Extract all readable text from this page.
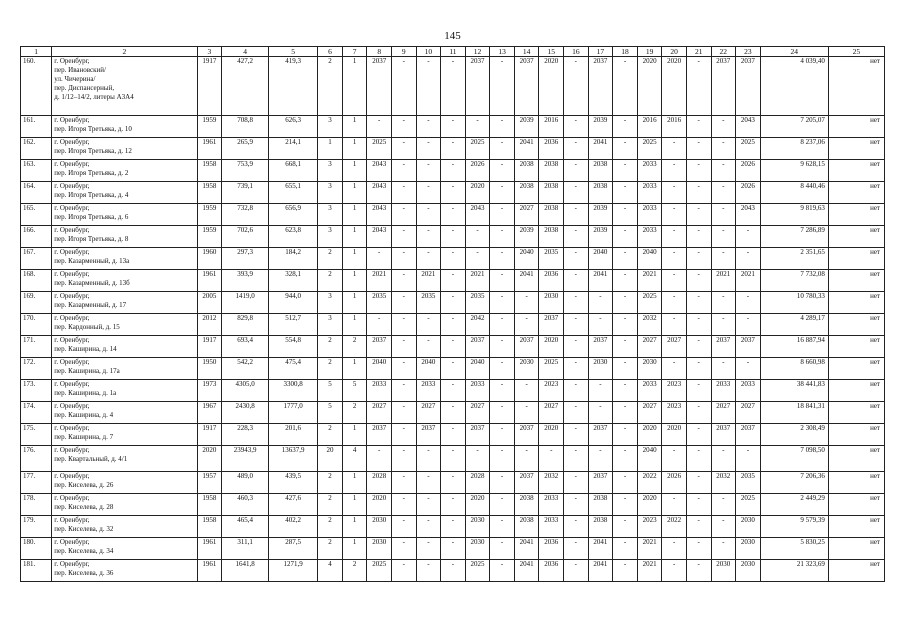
145
1	2	3	4	5	6	7	8	9	10	11	12	13	14	15	16	17	18	19	20	21	22	23	24	25
160.	г. Оренбург,
пер. Ивановский/
ул. Чичерина/
пер. Диспансерный,
д. 1/12–14/2, литеры А3А4	1917	427,2	419,3	2	1	2037	-	-	-	2037	-	2037	2020	-	2037	-	2020	2020	-	2037	2037	4 039,40	нет
161.	г. Оренбург,
пер. Игоря Третьяка, д. 10	1959	708,8	626,3	3	1	-	-	-	-	-	-	2039	2016	-	2039	-	2016	2016	-	-	2043	7 205,07	нет
162.	г. Оренбург,
пер. Игоря Третьяка, д. 12	1961	265,9	214,1	1	1	2025	-	-	-	2025	-	2041	2036	-	2041	-	2025	-	-	-	2025	8 237,06	нет
163.	г. Оренбург,
пер. Игоря Третьяка, д. 2	1958	753,9	668,1	3	1	2043	-	-	-	2026	-	2038	2038	-	2038	-	2033	-	-	-	2026	9 628,15	нет
164.	г. Оренбург,
пер. Игоря Третьяка, д. 4	1958	739,1	655,1	3	1	2043	-	-	-	2020	-	2038	2038	-	2038	-	2033	-	-	-	2026	8 440,46	нет
165.	г. Оренбург,
пер. Игоря Третьяка, д. 6	1959	732,8	656,9	3	1	2043	-	-	-	2043	-	2027	2038	-	2039	-	2033	-	-	-	2043	9 819,63	нет
166.	г. Оренбург,
пер. Игоря Третьяка, д. 8	1959	702,6	623,8	3	1	2043	-	-	-	-	-	2039	2038	-	2039	-	2033	-	-	-	-	7 286,89	нет
167.	г. Оренбург,
пер. Казарменный, д. 13а	1960	297,3	184,2	2	1	-	-	-	-	-	-	2040	2035	-	2040	-	2040	-	-	-	-	2 351,65	нет
168.	г. Оренбург,
пер. Казарменный, д. 13б	1961	393,9	328,1	2	1	2021	-	2021	-	2021	-	2041	2036	-	2041	-	2021	-	-	2021	2021	7 732,08	нет
169.	г. Оренбург,
пер. Казарменный, д. 17	2005	1419,0	944,0	3	1	2035	-	2035	-	2035	-	-	2030	-	-	-	2025	-	-	-	-	10 780,33	нет
170.	г. Оренбург,
пер. Кардонный, д. 15	2012	829,8	512,7	3	1	-	-	-	-	2042	-	-	2037	-	-	-	2032	-	-	-	-	4 289,17	нет
171.	г. Оренбург,
пер. Каширина, д. 14	1917	693,4	554,8	2	2	2037	-	-	-	2037	-	2037	2020	-	2037	-	2027	2027	-	2037	2037	16 887,94	нет
172.	г. Оренбург,
пер. Каширина, д. 17а	1950	542,2	475,4	2	1	2040	-	2040	-	2040	-	2030	2025	-	2030	-	2030	-	-	-	-	8 660,98	нет
173.	г. Оренбург,
пер. Каширина, д. 1а	1973	4305,0	3300,8	5	5	2033	-	2033	-	2033	-	-	2023	-	-	-	2033	2023	-	2033	2033	38 441,83	нет
174.	г. Оренбург,
пер. Каширина, д. 4	1967	2430,8	1777,0	5	2	2027	-	2027	-	2027	-	-	2027	-	-	-	2027	2023	-	2027	2027	18 841,31	нет
175.	г. Оренбург,
пер. Каширина, д. 7	1917	228,3	201,6	2	1	2037	-	2037	-	2037	-	2037	2020	-	2037	-	2020	2020	-	2037	2037	2 308,49	нет
176.	г. Оренбург,
пер. Квартальный, д. 4/1	2020	23943,9	13637,9	20	4	-	-	-	-	-	-	-	-	-	-	-	2040	-	-	-	-	7 098,50	нет
177.	г. Оренбург,
пер. Киселева, д. 26	1957	489,0	439,5	2	1	2028	-	-	-	2028	-	2037	2032	-	2037	-	2022	2026	-	2032	2035	7 206,36	нет
178.	г. Оренбург,
пер. Киселева, д. 28	1958	460,3	427,6	2	1	2020	-	-	-	2020	-	2038	2033	-	2038	-	2020	-	-	-	2025	2 449,29	нет
179.	г. Оренбург,
пер. Киселева, д. 32	1958	465,4	402,2	2	1	2030	-	-	-	2030	-	2038	2033	-	2038	-	2023	2022	-	-	2030	9 579,39	нет
180.	г. Оренбург,
пер. Киселева, д. 34	1961	311,1	287,5	2	1	2030	-	-	-	2030	-	2041	2036	-	2041	-	2021	-	-	-	2030	5 830,25	нет
181.	г. Оренбург,
пер. Киселева, д. 36	1961	1641,8	1271,9	4	2	2025	-	-	-	2025	-	2041	2036	-	2041	-	2021	-	-	2030	2030	21 323,69	нет
